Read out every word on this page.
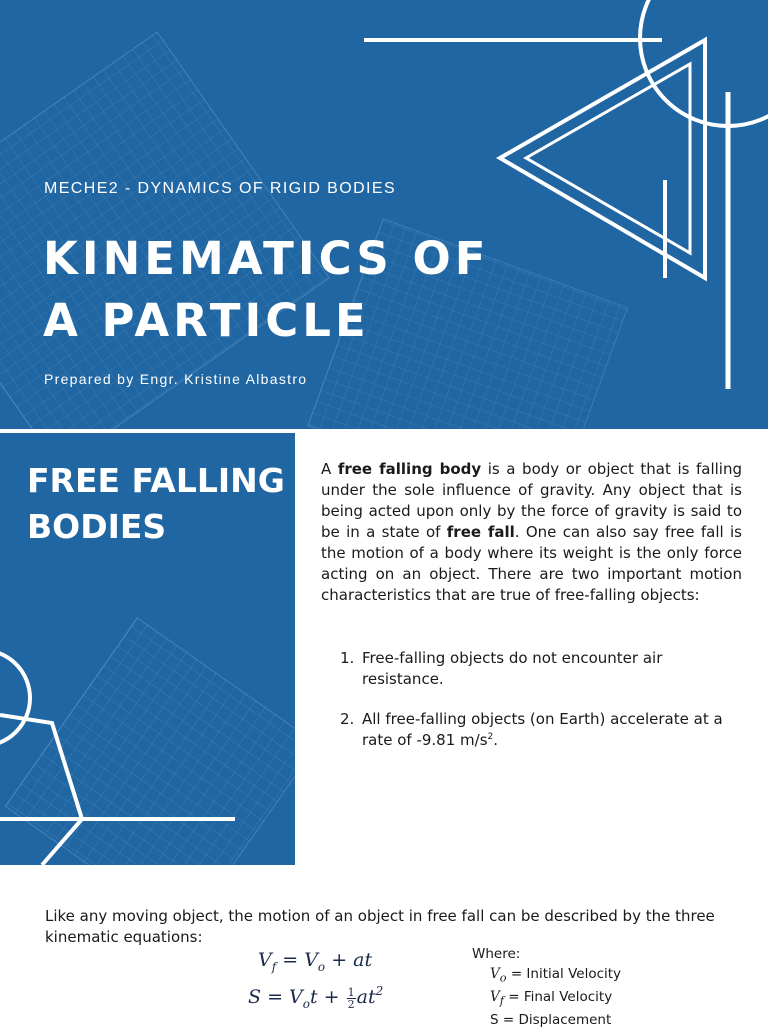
MECHE2 - DYNAMICS OF RIGID BODIES
KINEMATICS OF
A PARTICLE
Prepared by Engr. Kristine Albastro
FREE FALLING
BODIES

A free falling body is a body or object that is falling under the sole influence of gravity. Any object that is being acted upon only by the force of gravity is said to be in a state of free fall. One can also say free fall is the motion of a body where its weight is the only force acting on an object. There are two important motion characteristics that are true of free-falling objects:

1. Free-falling objects do not encounter air resistance.
2. All free-falling objects (on Earth) accelerate at a rate of -9.81 $m/s^2$.

Like any moving object, the motion of an object in free fall can be described by the three kinematic equations:

$V_f = V_o$ + at
$S = V_ot + \frac{1}{2} at^2$
Where:
$V_o$ = Initial Velocity
$V_f$ = Final Velocity
S = Displacement
